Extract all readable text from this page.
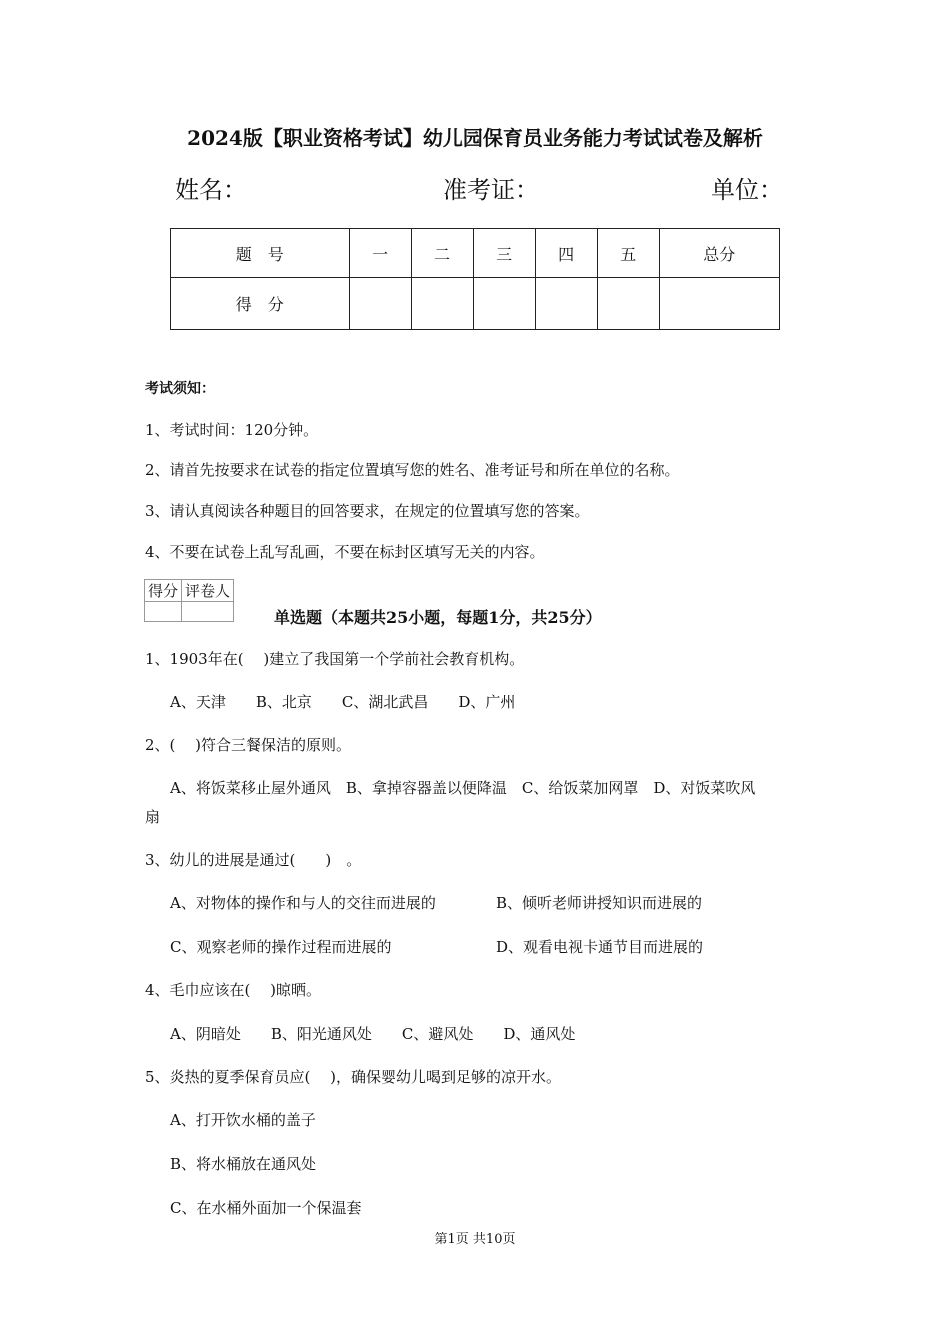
2024版【职业资格考试】幼儿园保育员业务能力考试试卷及解析
姓名：	准考证：	单位：
题　号	一	二	三	四	五	总分
得　分						
考试须知：
1、考试时间：120分钟。
2、请首先按要求在试卷的指定位置填写您的姓名、准考证号和所在单位的名称。
3、请认真阅读各种题目的回答要求，在规定的位置填写您的答案。
4、不要在试卷上乱写乱画，不要在标封区填写无关的内容。
得分	评卷人

单选题（本题共25小题，每题1分，共25分）
1、1903年在(　 )建立了我国第一个学前社会教育机构。
A、天津　　B、北京　　C、湖北武昌　　D、广州
2、(　 )符合三餐保洁的原则。
A、将饭菜移止屋外通风　B、拿掉容器盖以便降温　C、给饭菜加网罩　D、对饭菜吹风
扇
3、幼儿的进展是通过(　　)　。
A、对物体的操作和与人的交往而进展的	B、倾听老师讲授知识而进展的
C、观察老师的操作过程而进展的	D、观看电视卡通节目而进展的
4、毛巾应该在(　 )晾晒。
A、阴暗处　　B、阳光通风处　　C、避风处　　D、通风处
5、炎热的夏季保育员应(　 )，确保婴幼儿喝到足够的凉开水。
A、打开饮水桶的盖子
B、将水桶放在通风处
C、在水桶外面加一个保温套
第1页 共10页
